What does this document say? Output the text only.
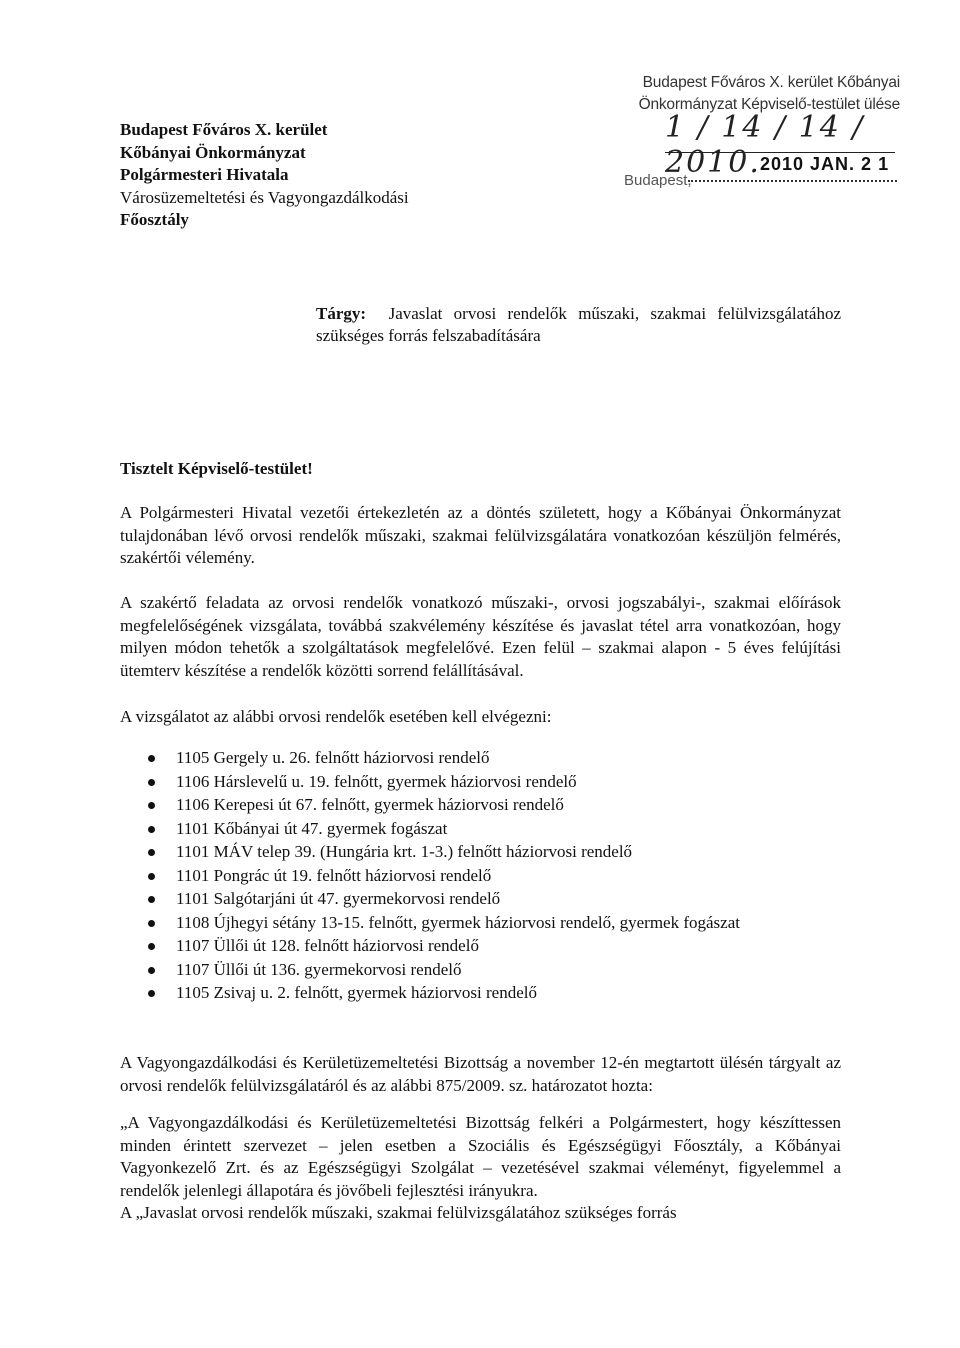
Budapest Főváros X. kerület
Kőbányai Önkormányzat
Polgármesteri Hivatala
Városüzemeltetési és Vagyongazdálkodási
Főosztály
Budapest Főváros X. kerület Kőbányai
Önkormányzat Képviselő-testület ülése
1 / 14 / 14 / 2010. 2010 JAN. 2 1
Budapest,
Tárgy: Javaslat orvosi rendelők műszaki, szakmai felülvizsgálatához szükséges forrás felszabadítására
Tisztelt Képviselő-testület!
A Polgármesteri Hivatal vezetői értekezletén az a döntés született, hogy a Kőbányai Önkormányzat tulajdonában lévő orvosi rendelők műszaki, szakmai felülvizsgálatára vonatkozóan készüljön felmérés, szakértői vélemény.
A szakértő feladata az orvosi rendelők vonatkozó műszaki-, orvosi jogszabályi-, szakmai előírások megfelelőségének vizsgálata, továbbá szakvélemény készítése és javaslat tétel arra vonatkozóan, hogy milyen módon tehetők a szolgáltatások megfelelővé. Ezen felül – szakmai alapon - 5 éves felújítási ütemterv készítése a rendelők közötti sorrend felállításával.
A vizsgálatot az alábbi orvosi rendelők esetében kell elvégezni:
1105 Gergely u. 26. felnőtt háziorvosi rendelő
1106 Hárslevelű u. 19. felnőtt, gyermek háziorvosi rendelő
1106 Kerepesi út 67. felnőtt, gyermek háziorvosi rendelő
1101 Kőbányai út 47. gyermek fogászat
1101 MÁV telep 39. (Hungária krt. 1-3.) felnőtt háziorvosi rendelő
1101 Pongrác út 19. felnőtt háziorvosi rendelő
1101 Salgótarjáni út 47. gyermekorvosi rendelő
1108 Újhegyi sétány 13-15. felnőtt, gyermek háziorvosi rendelő, gyermek fogászat
1107 Üllői út 128. felnőtt háziorvosi rendelő
1107 Üllői út 136. gyermekorvosi rendelő
1105 Zsivaj u. 2. felnőtt, gyermek háziorvosi rendelő
A Vagyongazdálkodási és Kerületüzemeltetési Bizottság a november 12-én megtartott ülésén tárgyalt az orvosi rendelők felülvizsgálatáról és az alábbi 875/2009. sz. határozatot hozta:
„A Vagyongazdálkodási és Kerületüzemeltetési Bizottság felkéri a Polgármestert, hogy készíttessen minden érintett szervezet – jelen esetben a Szociális és Egészségügyi Főosztály, a Kőbányai Vagyonkezelő Zrt. és az Egészségügyi Szolgálat – vezetésével szakmai véleményt, figyelemmel a rendelők jelenlegi állapotára és jövőbeli fejlesztési irányukra.
A „Javaslat orvosi rendelők műszaki, szakmai felülvizsgálatához szükséges forrás
